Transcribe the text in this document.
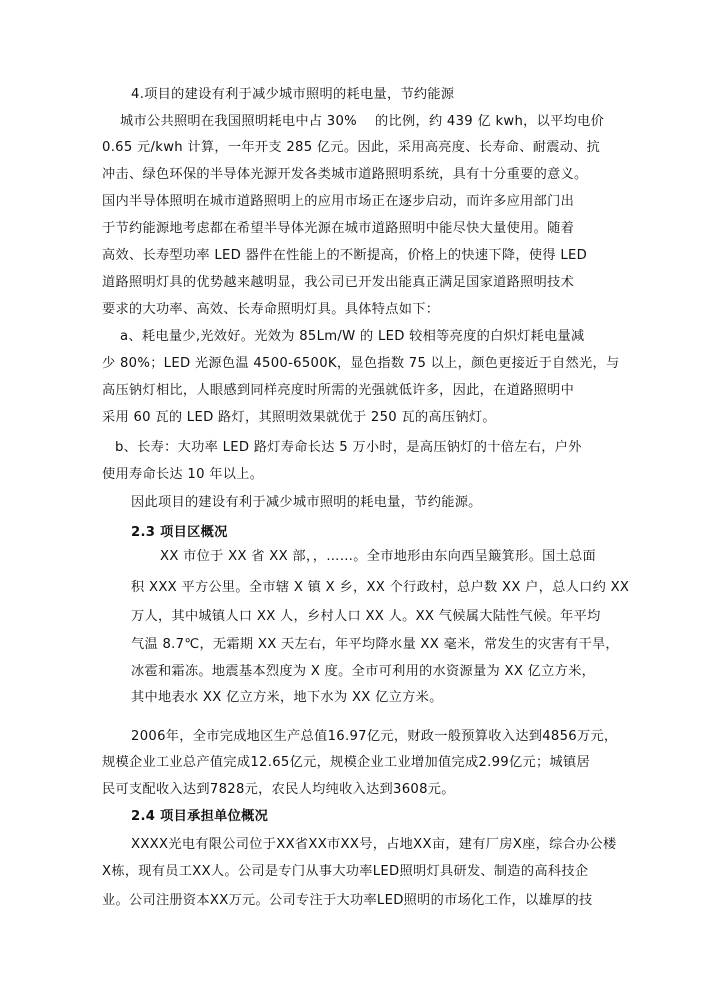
4.项目的建设有利于减少城市照明的耗电量，节约能源
城市公共照明在我国照明耗电中占 30%　 的比例，约 439 亿 kwh，以平均电价
0.65 元/kwh 计算，一年开支 285 亿元。因此，采用高亮度、长寿命、耐震动、抗
冲击、绿色环保的半导体光源开发各类城市道路照明系统，具有十分重要的意义。
国内半导体照明在城市道路照明上的应用市场正在逐步启动，而许多应用部门出
于节约能源地考虑都在希望半导体光源在城市道路照明中能尽快大量使用。随着
高效、长寿型功率 LED 器件在性能上的不断提高，价格上的快速下降，使得 LED
道路照明灯具的优势越来越明显，我公司已开发出能真正满足国家道路照明技术
要求的大功率、高效、长寿命照明灯具。具体特点如下：
a、耗电量少,光效好。光效为 85Lm/W 的 LED 较相等亮度的白炽灯耗电量减
少 80%；LED 光源色温 4500-6500K，显色指数 75 以上，颜色更接近于自然光，与
高压钠灯相比，人眼感到同样亮度时所需的光强就低许多，因此，在道路照明中
采用 60 瓦的 LED 路灯，其照明效果就优于 250 瓦的高压钠灯。
b、长寿：大功率 LED 路灯寿命长达 5 万小时，是高压钠灯的十倍左右，户外
使用寿命长达 10 年以上。
因此项目的建设有利于减少城市照明的耗电量，节约能源。
2.3 项目区概况
XX 市位于 XX 省 XX 部，，……。全市地形由东向西呈簸箕形。国土总面
积 XXX 平方公里。全市辖 X 镇 X 乡，XX 个行政村，总户数 XX 户，总人口约 XX
万人，其中城镇人口 XX 人，乡村人口 XX 人。XX 气候属大陆性气候。年平均
气温 8.7℃，无霜期 XX 天左右，年平均降水量 XX 毫米，常发生的灾害有干旱，
冰雹和霜冻。地震基本烈度为 X 度。全市可利用的水资源量为 XX 亿立方米，
其中地表水 XX 亿立方米，地下水为 XX 亿立方米。
2006年，全市完成地区生产总值16.97亿元，财政一般预算收入达到4856万元，
规模企业工业总产值完成12.65亿元，规模企业工业增加值完成2.99亿元；城镇居
民可支配收入达到7828元，农民人均纯收入达到3608元。
2.4 项目承担单位概况
XXXX光电有限公司位于XX省XX市XX号，占地XX亩，建有厂房X座，综合办公楼
X栋，现有员工XX人。公司是专门从事大功率LED照明灯具研发、制造的高科技企
业。公司注册资本XX万元。公司专注于大功率LED照明的市场化工作，以雄厚的技
